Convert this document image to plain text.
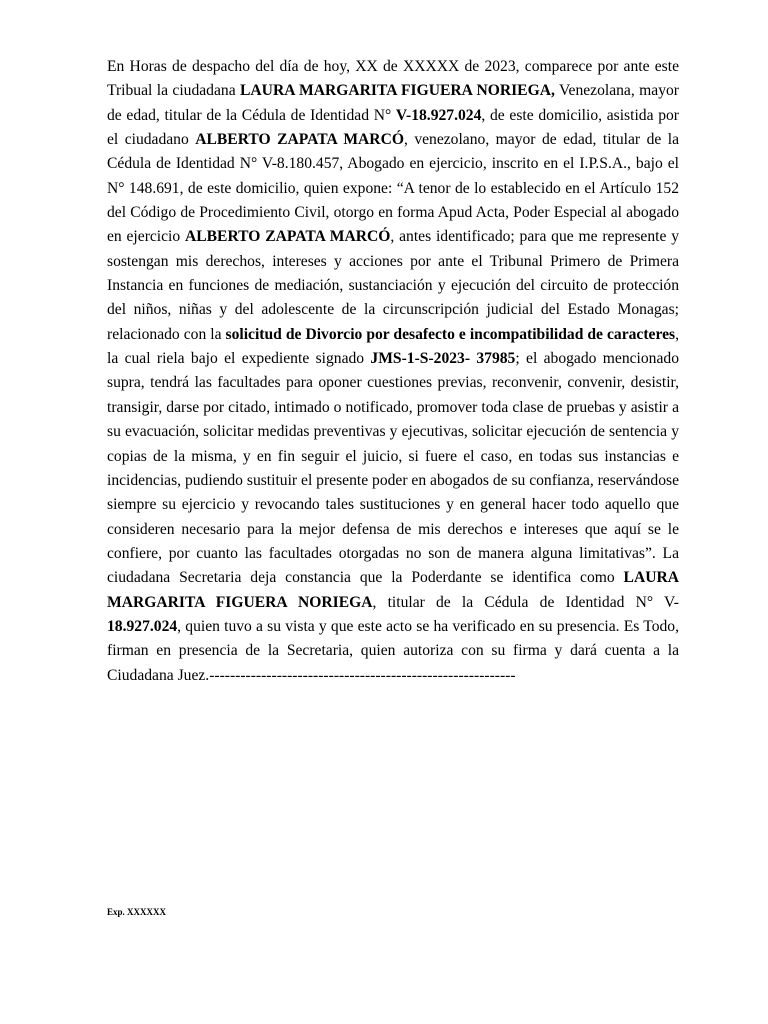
En Horas de despacho del día de hoy, XX de XXXXX de 2023, comparece por ante este Tribual la ciudadana LAURA MARGARITA FIGUERA NORIEGA, Venezolana, mayor de edad, titular de la Cédula de Identidad N° V-18.927.024, de este domicilio, asistida por el ciudadano ALBERTO ZAPATA MARCÓ, venezolano, mayor de edad, titular de la Cédula de Identidad N° V-8.180.457, Abogado en ejercicio, inscrito en el I.P.S.A., bajo el N° 148.691, de este domicilio, quien expone: “A tenor de lo establecido en el Artículo 152 del Código de Procedimiento Civil, otorgo en forma Apud Acta, Poder Especial al abogado en ejercicio ALBERTO ZAPATA MARCÓ, antes identificado; para que me represente y sostengan mis derechos, intereses y acciones por ante el Tribunal Primero de Primera Instancia en funciones de mediación, sustanciación y ejecución del circuito de protección del niños, niñas y del adolescente de la circunscripción judicial del Estado Monagas; relacionado con la solicitud de Divorcio por desafecto e incompatibilidad de caracteres, la cual riela bajo el expediente signado JMS-1-S-2023- 37985; el abogado mencionado supra, tendrá las facultades para oponer cuestiones previas, reconvenir, convenir, desistir, transigir, darse por citado, intimado o notificado, promover toda clase de pruebas y asistir a su evacuación, solicitar medidas preventivas y ejecutivas, solicitar ejecución de sentencia y copias de la misma, y en fin seguir el juicio, si fuere el caso, en todas sus instancias e incidencias, pudiendo sustituir el presente poder en abogados de su confianza, reservándose siempre su ejercicio y revocando tales sustituciones y en general hacer todo aquello que consideren necesario para la mejor defensa de mis derechos e intereses que aquí se le confiere, por cuanto las facultades otorgadas no son de manera alguna limitativas”. La ciudadana Secretaria deja constancia que la Poderdante se identifica como LAURA MARGARITA FIGUERA NORIEGA, titular de la Cédula de Identidad N° V-18.927.024, quien tuvo a su vista y que este acto se ha verificado en su presencia. Es Todo, firman en presencia de la Secretaria, quien autoriza con su firma y dará cuenta a la Ciudadana Juez.-----------------------------------------------------------

Exp. XXXXXX
